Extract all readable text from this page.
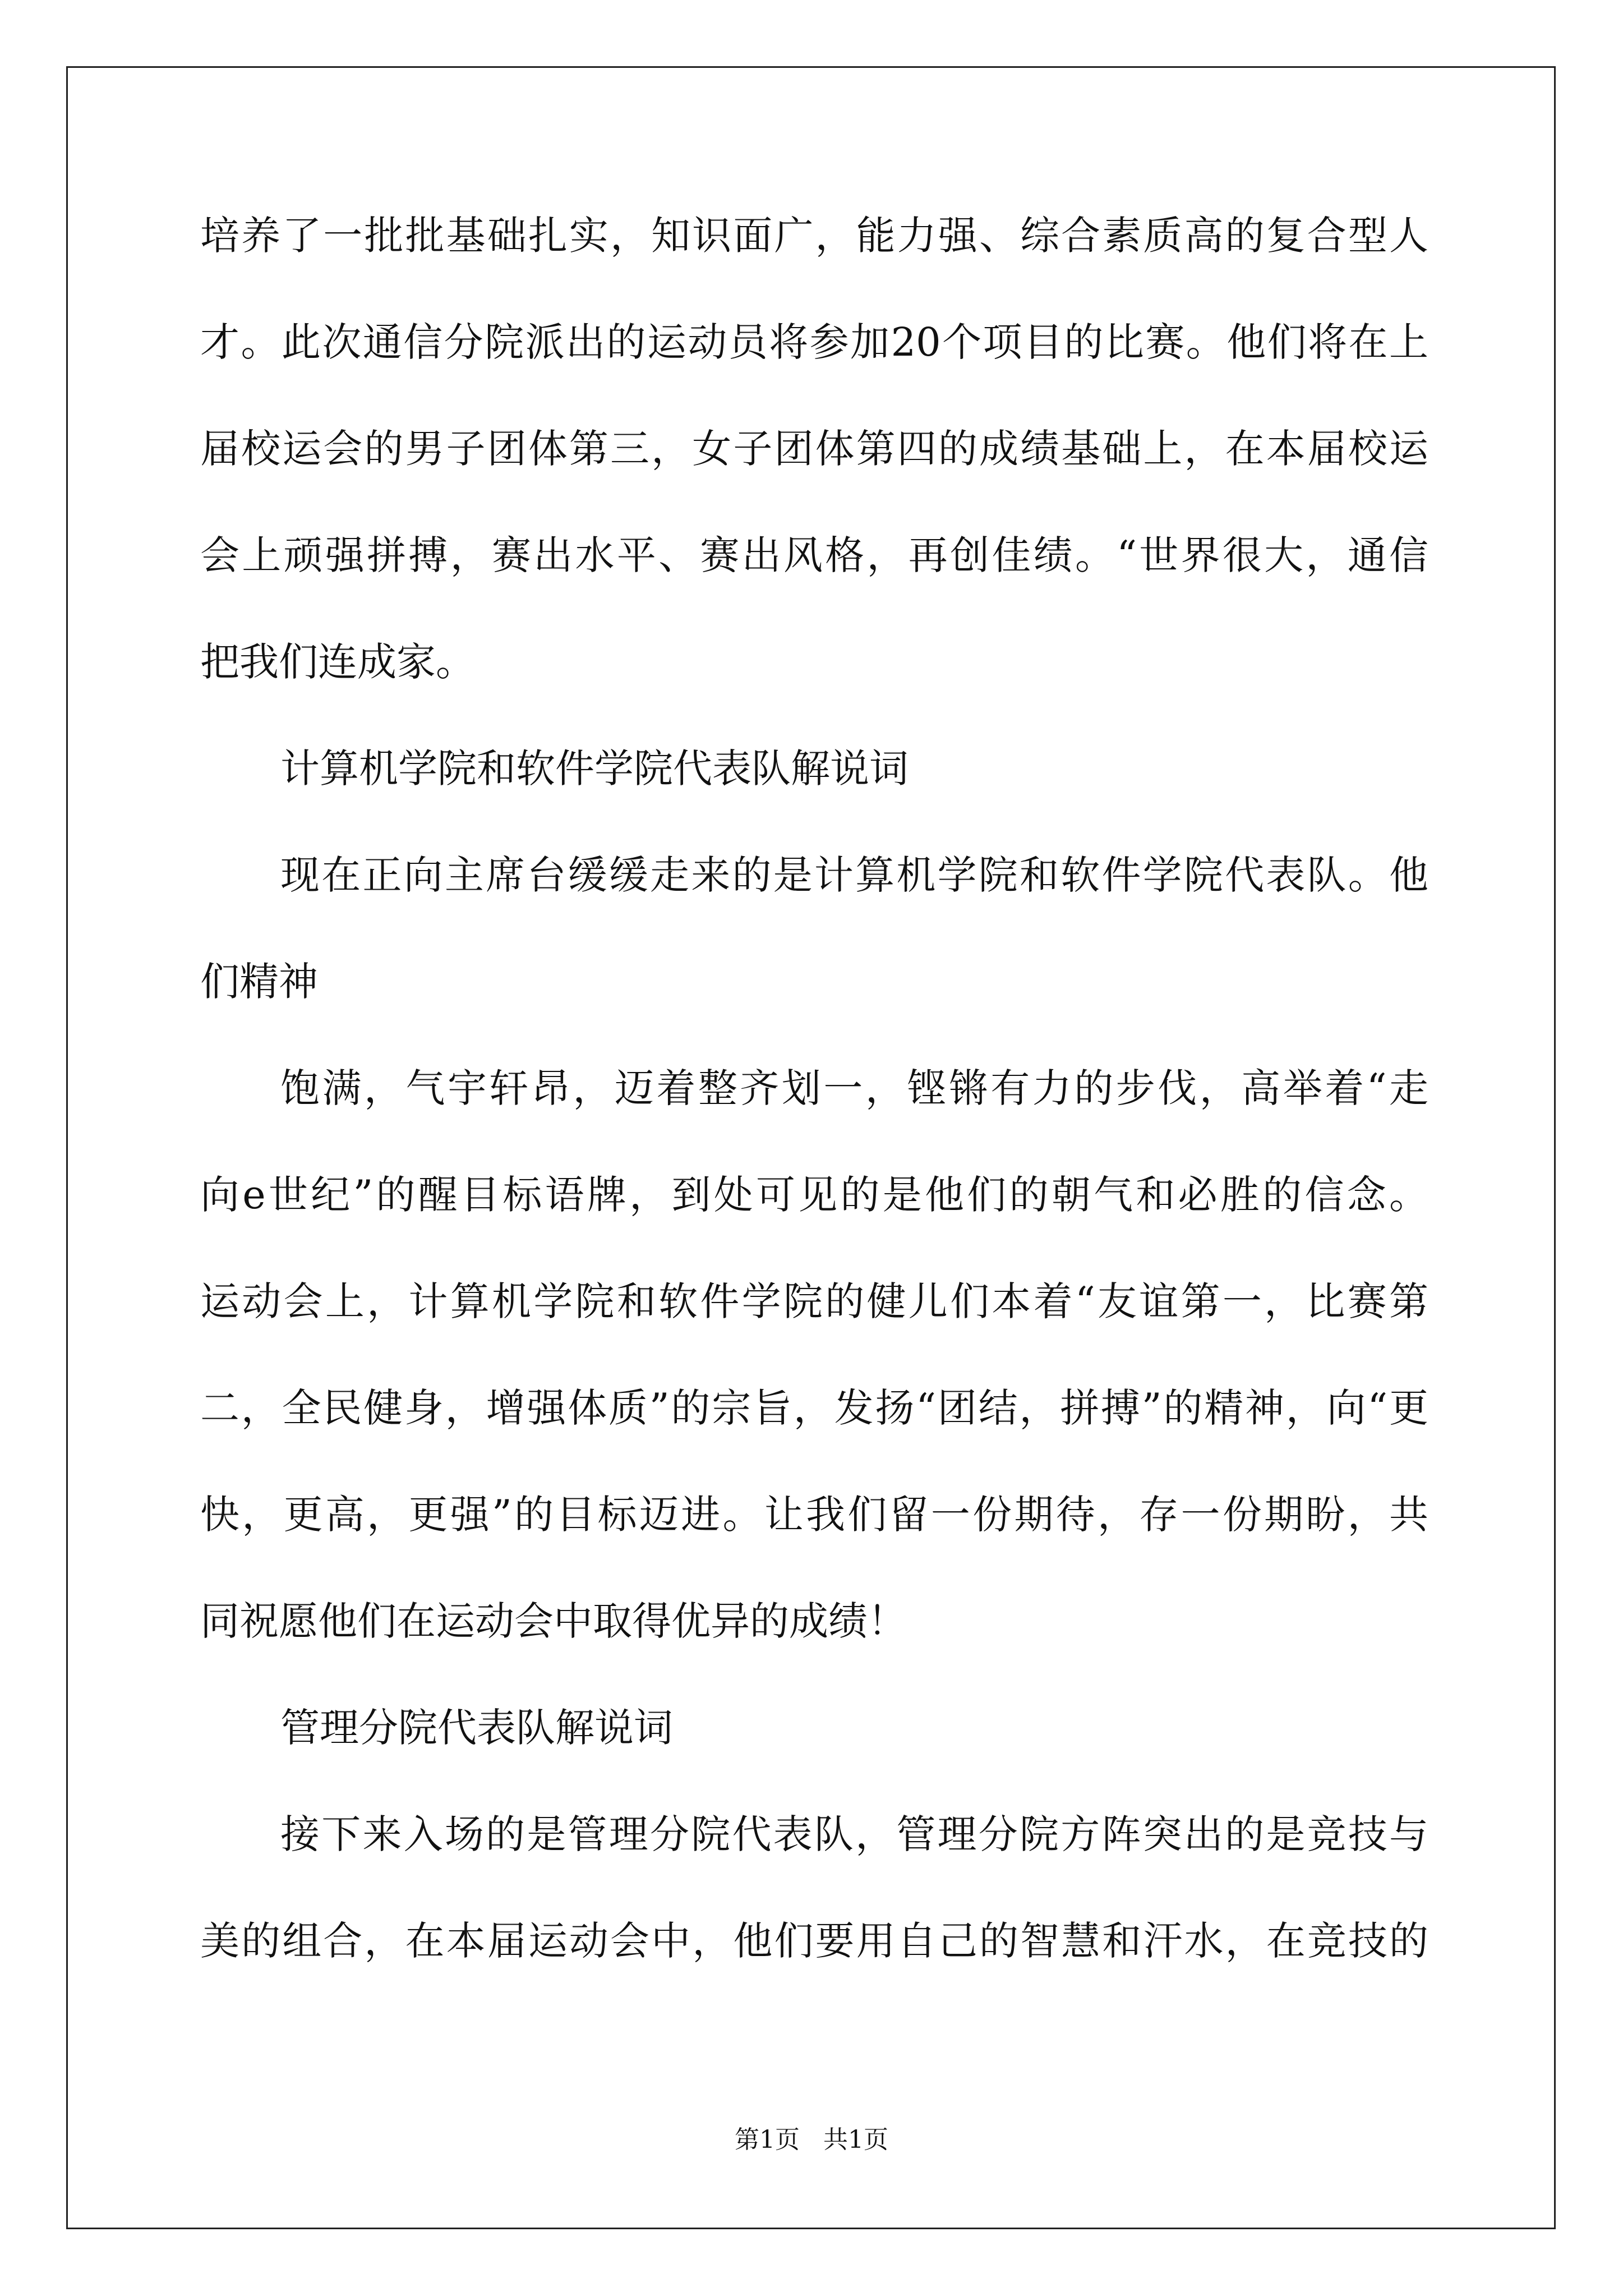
培养了一批批基础扎实，知识面广，能力强、综合素质高的复合型人
才。此次通信分院派出的运动员将参加20个项目的比赛。他们将在上
届校运会的男子团体第三，女子团体第四的成绩基础上，在本届校运
会上顽强拼搏，赛出水平、赛出风格，再创佳绩。“世界很大，通信
把我们连成家。
计算机学院和软件学院代表队解说词
现在正向主席台缓缓走来的是计算机学院和软件学院代表队。他
们精神
饱满，气宇轩昂，迈着整齐划一，铿锵有力的步伐，高举着“走
向e世纪”的醒目标语牌，到处可见的是他们的朝气和必胜的信念。
运动会上，计算机学院和软件学院的健儿们本着“友谊第一，比赛第
二，全民健身，增强体质”的宗旨，发扬“团结，拼搏”的精神，向“更
快，更高，更强”的目标迈进。让我们留一份期待，存一份期盼，共
同祝愿他们在运动会中取得优异的成绩！
管理分院代表队解说词
接下来入场的是管理分院代表队，管理分院方阵突出的是竞技与
美的组合，在本届运动会中，他们要用自己的智慧和汗水，在竞技的
第1页   共1页
